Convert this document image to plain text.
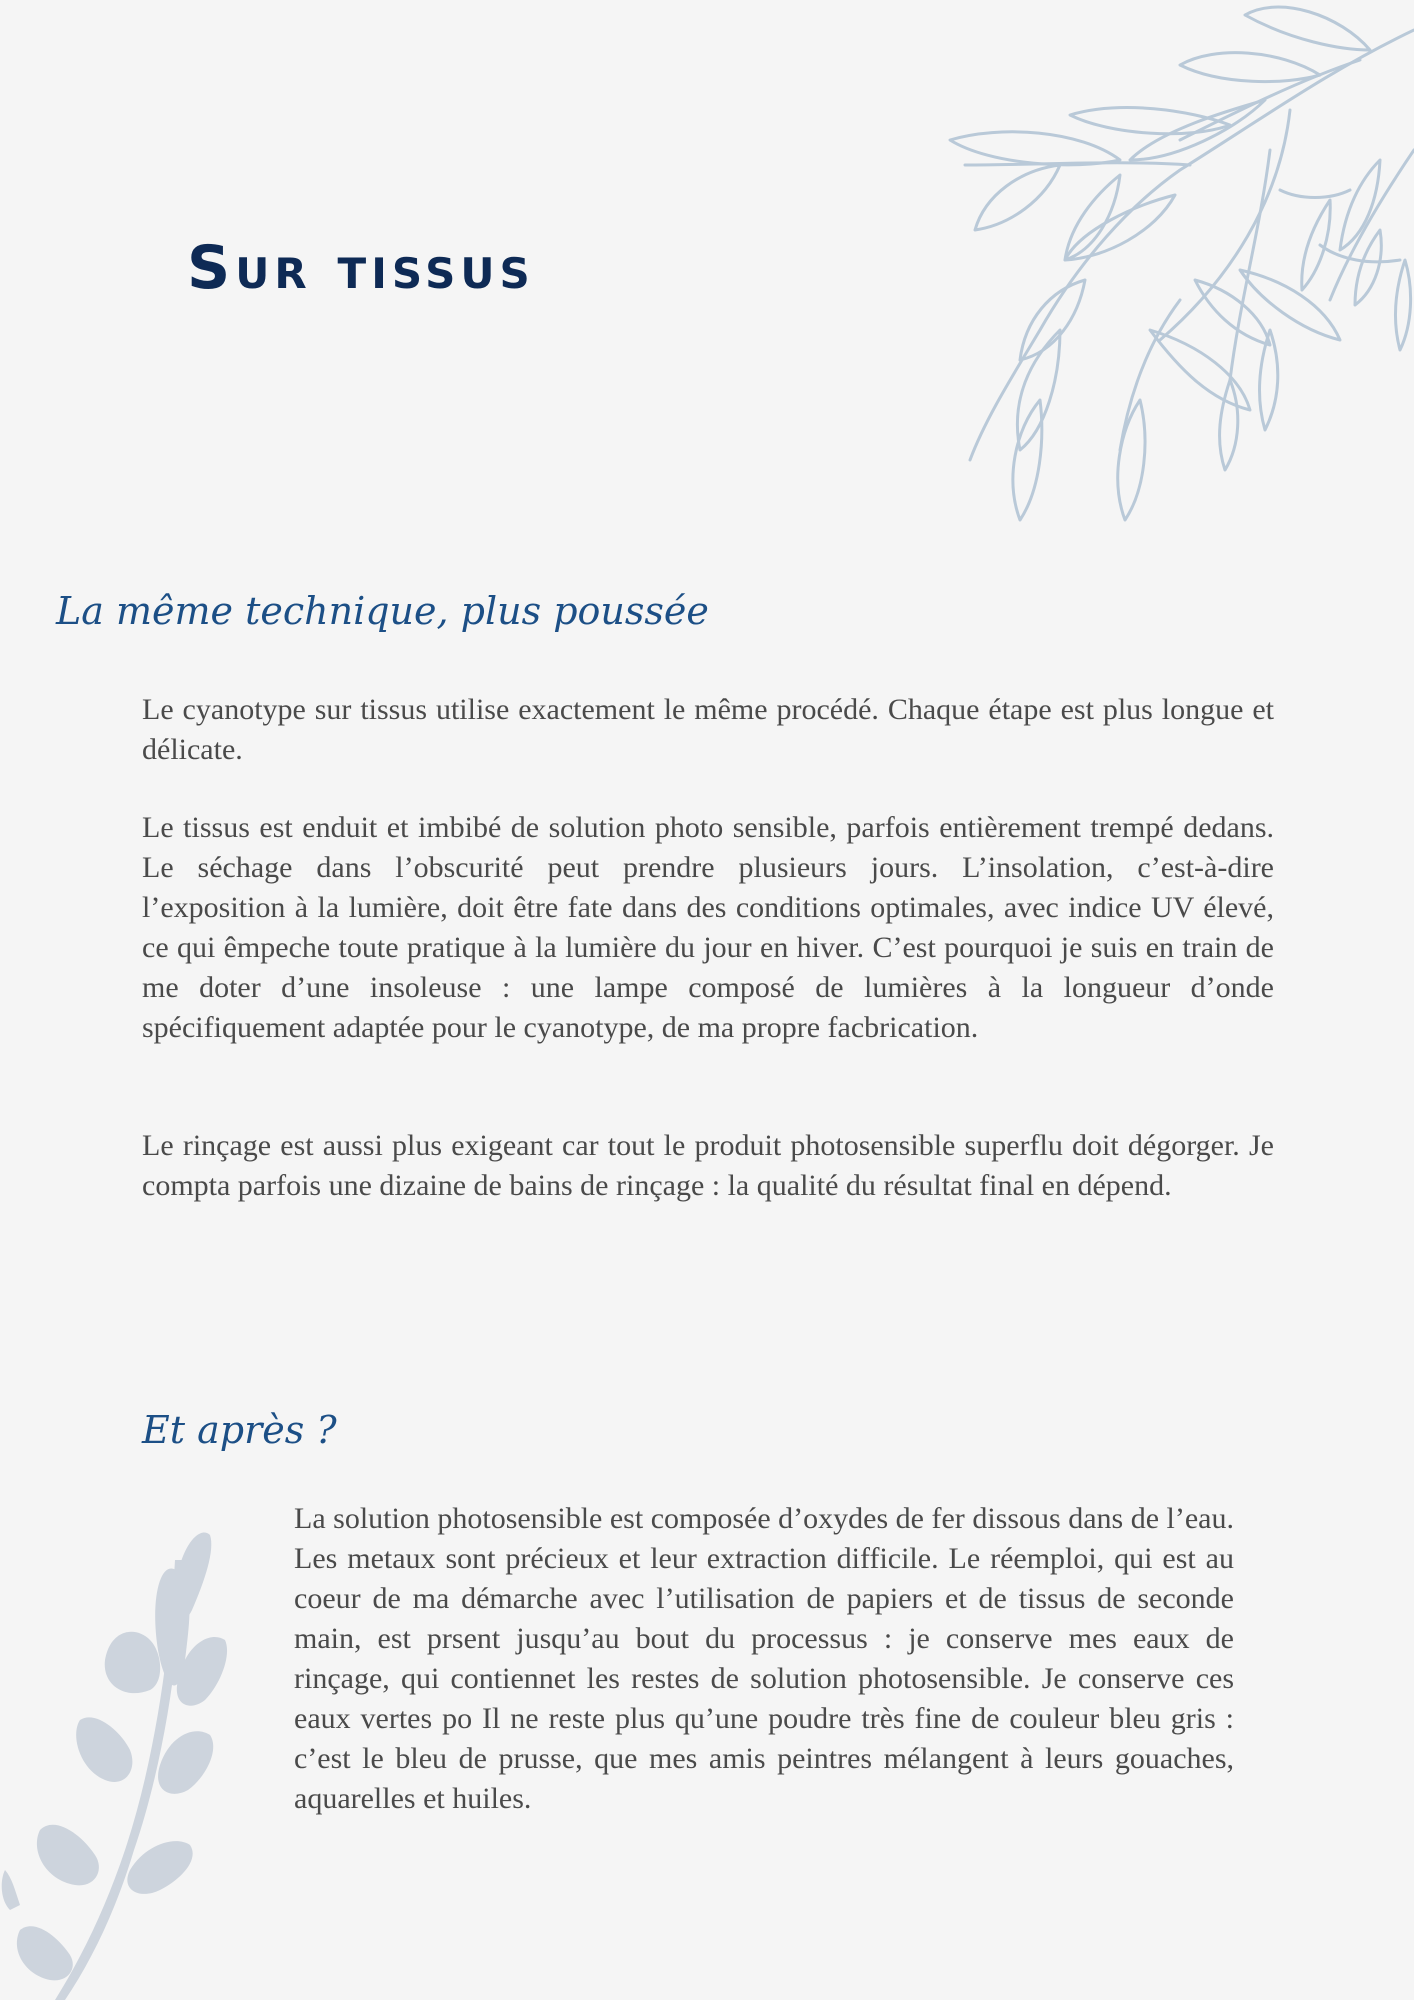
Sur tissus
La même technique, plus poussée

Le cyanotype sur tissus utilise exactement le même procédé. Chaque étape est plus longue et délicate.

Le tissus est enduit et imbibé de solution photo sensible, parfois entièrement trempé dedans. Le séchage dans l’obscurité peut prendre plusieurs jours. L’insolation, c’est-à-dire l’exposition à la lumière, doit être fate dans des conditions optimales, avec indice UV élevé, ce qui êmpeche toute pratique à la lumière du jour en hiver. C’est pourquoi je suis en train de me doter d’une insoleuse : une lampe composé de lumières à la longueur d’onde spécifiquement adaptée pour le cyanotype, de ma propre facbrication.

Le rinçage est aussi plus exigeant car tout le produit photosensible superflu doit dégorger. Je compta parfois une dizaine de bains de rinçage : la qualité du résultat final en dépend.

Et après ?

La solution photosensible est composée d’oxydes de fer dissous dans de l’eau. Les metaux sont précieux et leur extraction difficile. Le réemploi, qui est au coeur de ma démarche avec l’utilisation de papiers et de tissus de seconde main, est prsent jusqu’au bout du processus : je conserve mes eaux de rinçage, qui contiennet les restes de solution photosensible. Je conserve ces eaux vertes po Il ne reste plus qu’une poudre très fine de couleur bleu gris : c’est le bleu de prusse, que mes amis peintres mélangent à leurs gouaches, aquarelles et huiles.
